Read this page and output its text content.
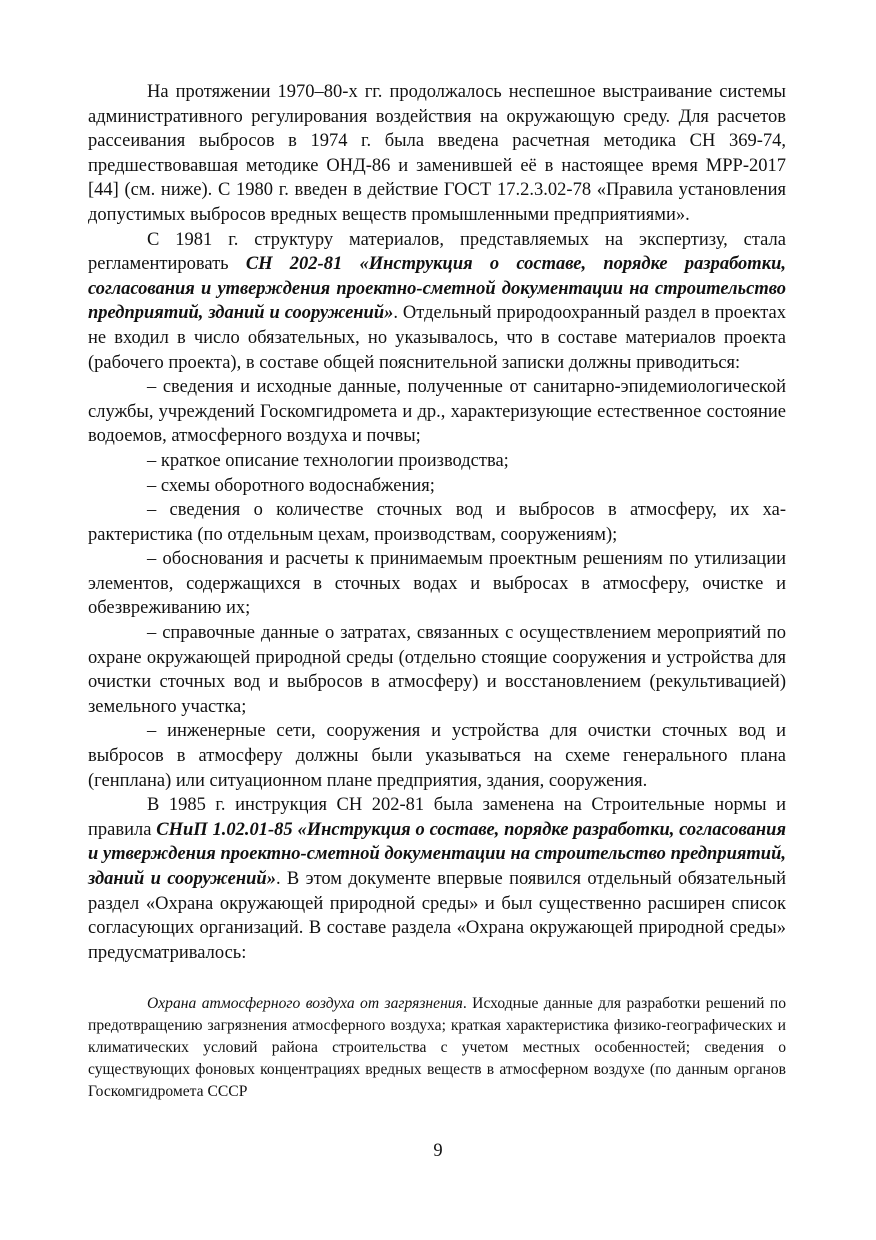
На протяжении 1970–80-х гг. продолжалось неспешное выстраивание системы административного регулирования воздействия на окружающую среду. Для расчетов рассеивания выбросов в 1974 г. была введена расчетная методика СН 369-74, предшествовавшая методике ОНД-86 и заменившей её в настоящее время МРР-2017 [44] (см. ниже). С 1980 г. введен в действие ГОСТ 17.2.3.02-78 «Правила установления допустимых выбросов вредных веществ промышленными предприятиями».

С 1981 г. структуру материалов, представляемых на экспертизу, стала регламентировать СН 202-81 «Инструкция о составе, порядке разработки, согласования и утверждения проектно-сметной документации на строительство предприятий, зданий и сооружений». Отдельный природоохранный раздел в проектах не входил в число обязательных, но указывалось, что в составе материалов проекта (рабочего проекта), в составе общей пояснительной записки должны приводиться:

– сведения и исходные данные, полученные от санитарно-эпидемиологической службы, учреждений Госкомгидромета и др., характеризующие естественное состояние водоемов, атмосферного воздуха и почвы;

– краткое описание технологии производства;

– схемы оборотного водоснабжения;

– сведения о количестве сточных вод и выбросов в атмосферу, их характеристика (по отдельным цехам, производствам, сооружениям);

– обоснования и расчеты к принимаемым проектным решениям по утилизации элементов, содержащихся в сточных водах и выбросах в атмосферу, очистке и обезвреживанию их;

– справочные данные о затратах, связанных с осуществлением мероприятий по охране окружающей природной среды (отдельно стоящие сооружения и устройства для очистки сточных вод и выбросов в атмосферу) и восстановлением (рекультивацией) земельного участка;

– инженерные сети, сооружения и устройства для очистки сточных вод и выбросов в атмосферу должны были указываться на схеме генерального плана (генплана) или ситуационном плане предприятия, здания, сооружения.

В 1985 г. инструкция СН 202-81 была заменена на Строительные нормы и правила СНиП 1.02.01-85 «Инструкция о составе, порядке разработки, согласования и утверждения проектно-сметной документации на строительство предприятий, зданий и сооружений». В этом документе впервые появился отдельный обязательный раздел «Охрана окружающей природной среды» и был существенно расширен список согласующих организаций. В составе раздела «Охрана окружающей природной среды» предусматривалось:

Охрана атмосферного воздуха от загрязнения. Исходные данные для разработки решений по предотвращению загрязнения атмосферного воздуха; краткая характеристика физико-географических и климатических условий района строительства с учетом местных особенностей; сведения о существующих фоновых концентрациях вредных веществ в атмосферном воздухе (по данным органов Госкомгидромета СССР

9
